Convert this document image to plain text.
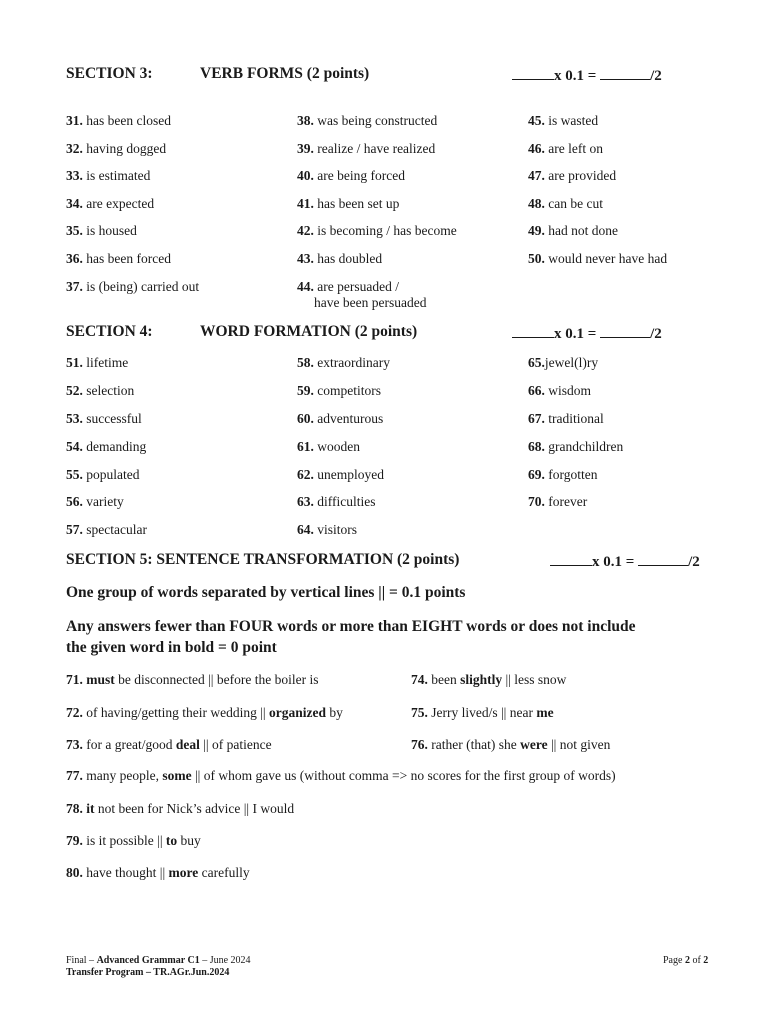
SECTION 3:	VERB FORMS (2 points)	x 0.1 =	/2
31. has been closed
32. having dogged
33. is estimated
34. are expected
35. is housed
36. has been forced
37. is (being) carried out
38. was being constructed
39. realize / have realized
40. are being forced
41. has been set up
42. is becoming / has become
43. has doubled
44. are persuaded /
have been persuaded
45. is wasted
46. are left on
47. are provided
48. can be cut
49. had not done
50. would never have had
SECTION 4:	WORD FORMATION (2 points)	x 0.1 =	/2
51. lifetime
52. selection
53. successful
54. demanding
55. populated
56. variety
57. spectacular
58. extraordinary
59. competitors
60. adventurous
61. wooden
62. unemployed
63. difficulties
64. visitors
65.jewel(l)ry
66. wisdom
67. traditional
68. grandchildren
69. forgotten
70. forever
SECTION 5: SENTENCE TRANSFORMATION (2 points)	x 0.1 =	/2
One group of words separated by vertical lines || = 0.1 points
Any answers fewer than FOUR words or more than EIGHT words or does not include
the given word in bold = 0 point
71. must be disconnected || before the boiler is
72. of having/getting their wedding || organized by
73. for a great/good deal || of patience
74. been slightly || less snow
75. Jerry lived/s || near me
76. rather (that) she were || not given
77. many people, some || of whom gave us (without comma => no scores for the first group of words)
78. it not been for Nick’s advice || I would
79. is it possible || to buy
80. have thought || more carefully
Final – Advanced Grammar C1 – June 2024
Transfer Program – TR.AGr.Jun.2024
Page 2 of 2
